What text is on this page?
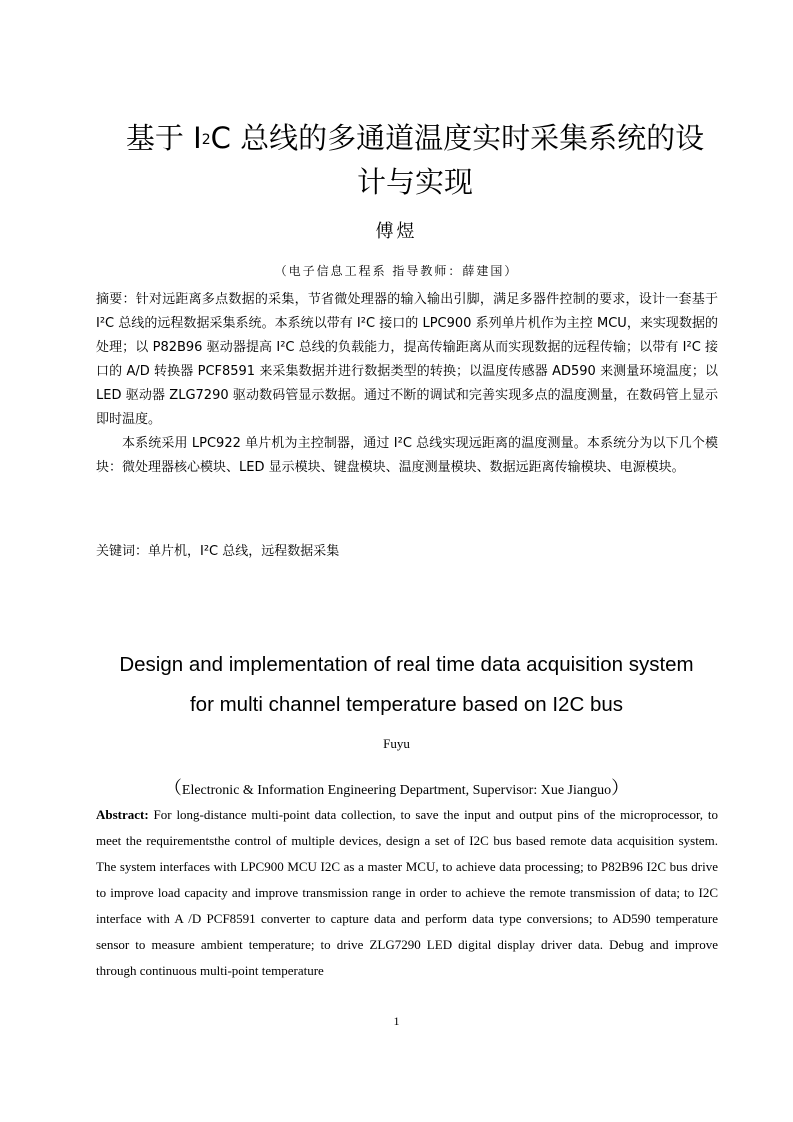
基于 $I^2C$ 总线的多通道温度实时采集系统的设
计与实现
傅煜
（电子信息工程系 指导教师：薛建国）

摘要：针对远距离多点数据的采集，节省微处理器的输入输出引脚，满足多器件控制的要求，设计一套基于 I²C 总线的远程数据采集系统。本系统以带有 I²C 接口的 LPC900 系列单片机作为主控 MCU，来实现数据的处理；以 P82B96 驱动器提高 I²C 总线的负载能力，提高传输距离从而实现数据的远程传输；以带有 I²C 接口的 A/D 转换器 PCF8591 来采集数据并进行数据类型的转换；以温度传感器 AD590 来测量环境温度；以 LED 驱动器 ZLG7290 驱动数码管显示数据。通过不断的调试和完善实现多点的温度测量，在数码管上显示即时温度。

本系统采用 LPC922 单片机为主控制器，通过 I²C 总线实现远距离的温度测量。本系统分为以下几个模块：微处理器核心模块、LED 显示模块、键盘模块、温度测量模块、数据远距离传输模块、电源模块。

关键词：单片机，I²C 总线，远程数据采集
Design and implementation of real time data acquisition system
for multi channel temperature based on I2C bus
Fuyu
（Electronic & Information Engineering Department, Supervisor: Xue Jianguo）
Abstract: For long-distance multi-point data collection, to save the input and output pins of the microprocessor, to meet the requirementsthe control of multiple devices, design a set of I2C bus based remote data acquisition system. The system interfaces with LPC900 MCU I2C as a master MCU, to achieve data processing; to P82B96 I2C bus drive to improve load capacity and improve transmission range in order to achieve the remote transmission of data; to I2C interface with A /D PCF8591 converter to capture data and perform data type conversions; to AD590 temperature sensor to measure ambient temperature; to drive ZLG7290 LED digital display driver data. Debug and improve through continuous multi-point temperature
1
